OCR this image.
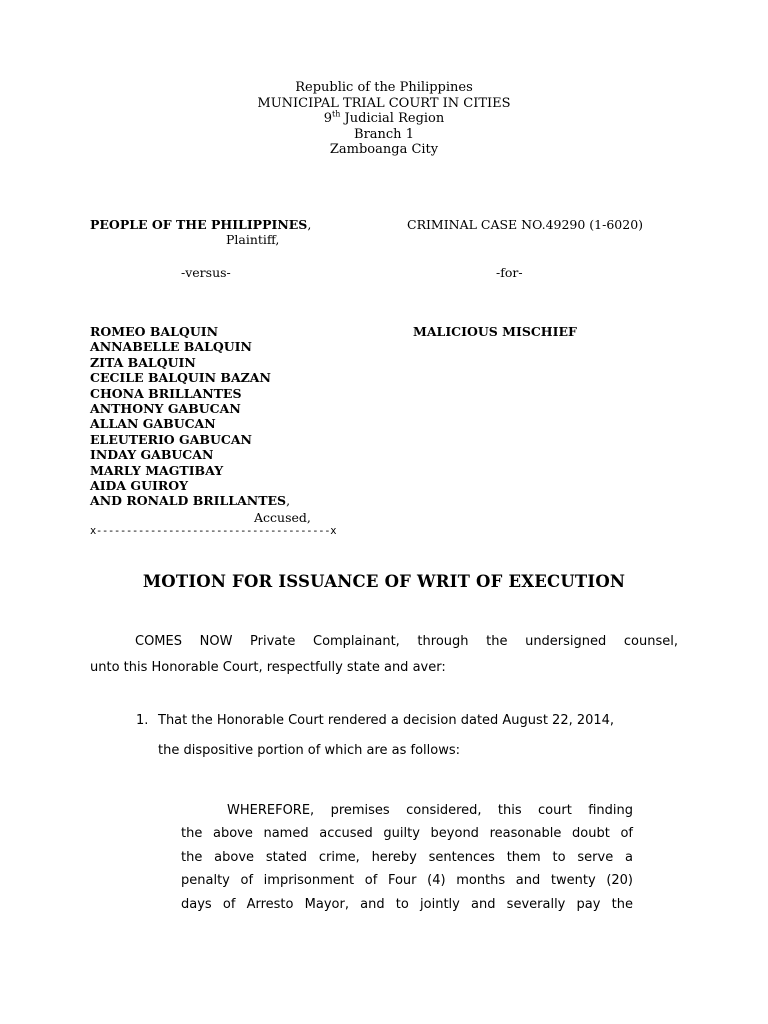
Republic of the Philippines
MUNICIPAL TRIAL COURT IN CITIES
9th Judicial Region
Branch 1
Zamboanga City
PEOPLE OF THE PHILIPPINES,
Plaintiff,
CRIMINAL CASE NO.49290 (1-6020)
-versus-	-for-
ROMEO BALQUIN
ANNABELLE BALQUIN
ZITA BALQUIN
CECILE BALQUIN BAZAN
CHONA BRILLANTES
ANTHONY GABUCAN
ALLAN GABUCAN
ELEUTERIO GABUCAN
INDAY GABUCAN
MARLY MAGTIBAY
AIDA GUIROY
AND RONALD BRILLANTES,
MALICIOUS MISCHIEF
Accused,
x---------------------------------------x
MOTION FOR ISSUANCE OF WRIT OF EXECUTION
COMES NOW Private Complainant, through the undersigned counsel,
unto this Honorable Court, respectfully state and aver:
1. That the Honorable Court rendered a decision dated August 22, 2014,
the dispositive portion of which are as follows:
WHEREFORE, premises considered, this court finding
the above named accused guilty beyond reasonable doubt of
the above stated crime, hereby sentences them to serve a
penalty of imprisonment of Four (4) months and twenty (20)
days of Arresto Mayor, and to jointly and severally pay the
